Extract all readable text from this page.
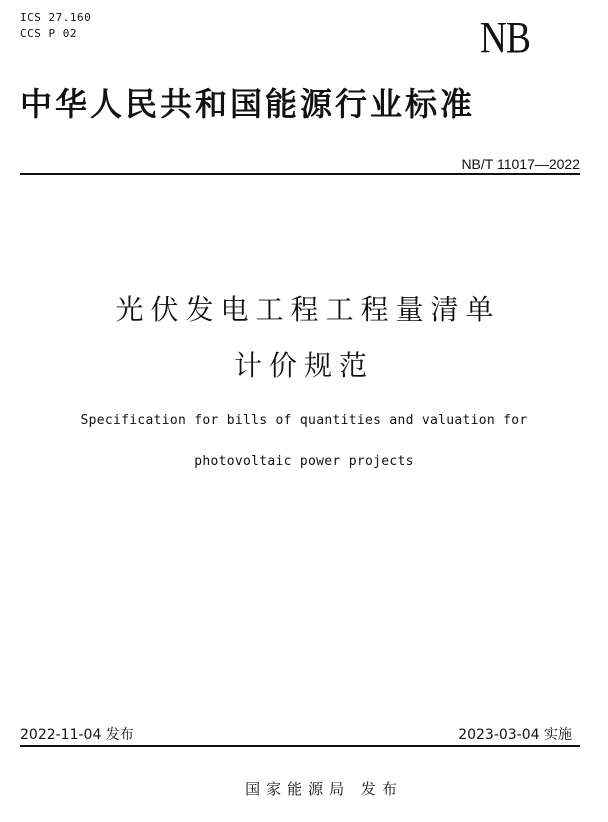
ICS 27.160
CCS P 02	NB
中华人民共和国能源行业标准
NB/T 11017—2022
光伏发电工程工程量清单
计价规范
Specification for bills of quantities and valuation for
photovoltaic power projects
2022-11-04 发布	2023-03-04 实施
国家能源局 发布
